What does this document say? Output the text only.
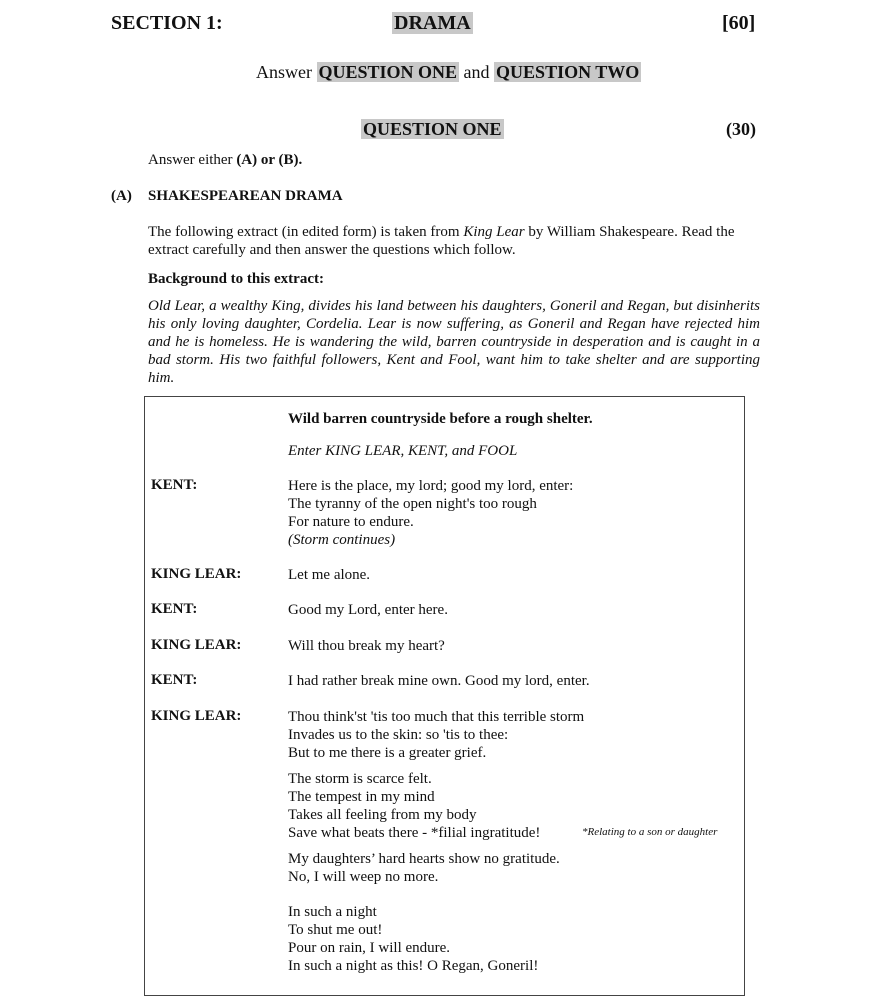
SECTION 1:	DRAMA	[60]
Answer QUESTION ONE and QUESTION TWO
QUESTION ONE	(30)
Answer either (A) or (B).
(A) SHAKESPEAREAN DRAMA
The following extract (in edited form) is taken from King Lear by William Shakespeare. Read the extract carefully and then answer the questions which follow.
Background to this extract:
Old Lear, a wealthy King, divides his land between his daughters, Goneril and Regan, but disinherits his only loving daughter, Cordelia. Lear is now suffering, as Goneril and Regan have rejected him and he is homeless. He is wandering the wild, barren countryside in desperation and is caught in a bad storm. His two faithful followers, Kent and Fool, want him to take shelter and are supporting him.
Wild barren countryside before a rough shelter.
Enter KING LEAR, KENT, and FOOL
KENT:	Here is the place, my lord; good my lord, enter:
The tyranny of the open night's too rough
For nature to endure.
(Storm continues)
KING LEAR:	Let me alone.
KENT:	Good my Lord, enter here.
KING LEAR:	Will thou break my heart?
KENT:	I had rather break mine own. Good my lord, enter.
KING LEAR:	Thou think'st 'tis too much that this terrible storm
Invades us to the skin: so 'tis to thee:
But to me there is a greater grief.
The storm is scarce felt.
The tempest in my mind
Takes all feeling from my body
Save what beats there - *filial ingratitude!	*Relating to a son or daughter
My daughters’ hard hearts show no gratitude.
No, I will weep no more.
In such a night
To shut me out!
Pour on rain, I will endure.
In such a night as this! O Regan, Goneril!
